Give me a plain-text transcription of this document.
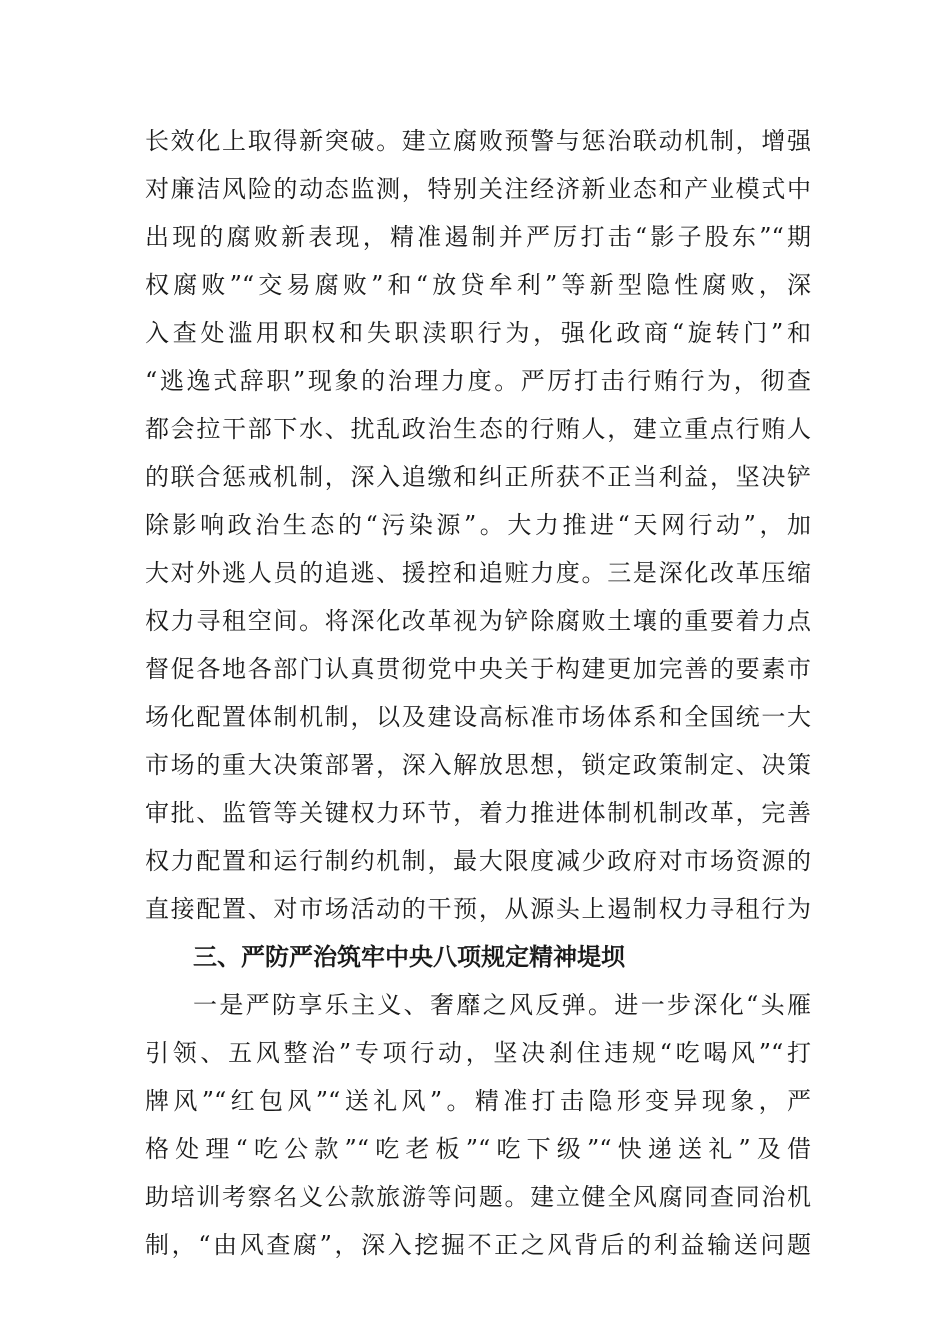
长效化上取得新突破。建立腐败预警与惩治联动机制，增强
对廉洁风险的动态监测，特别关注经济新业态和产业模式中
出现的腐败新表现，精准遏制并严厉打击“影子股东”“期
权腐败”“交易腐败”和“放贷牟利”等新型隐性腐败，深
入查处滥用职权和失职渎职行为，强化政商“旋转门”和
“逃逸式辞职”现象的治理力度。严厉打击行贿行为，彻查
都会拉干部下水、扰乱政治生态的行贿人，建立重点行贿人
的联合惩戒机制，深入追缴和纠正所获不正当利益，坚决铲
除影响政治生态的“污染源”。大力推进“天网行动”，加
大对外逃人员的追逃、援控和追赃力度。三是深化改革压缩
权力寻租空间。将深化改革视为铲除腐败土壤的重要着力点
督促各地各部门认真贯彻党中央关于构建更加完善的要素市
场化配置体制机制，以及建设高标准市场体系和全国统一大
市场的重大决策部署，深入解放思想，锁定政策制定、决策
审批、监管等关键权力环节，着力推进体制机制改革，完善
权力配置和运行制约机制，最大限度减少政府对市场资源的
直接配置、对市场活动的干预，从源头上遏制权力寻租行为
三、严防严治筑牢中央八项规定精神堤坝
一是严防享乐主义、奢靡之风反弹。进一步深化“头雁
引领、五风整治”专项行动，坚决刹住违规“吃喝风”“打
牌风”“红包风”“送礼风”。精准打击隐形变异现象，严
格处理“吃公款”“吃老板”“吃下级”“快递送礼”及借
助培训考察名义公款旅游等问题。建立健全风腐同查同治机
制，“由风查腐”，深入挖掘不正之风背后的利益输送问题
